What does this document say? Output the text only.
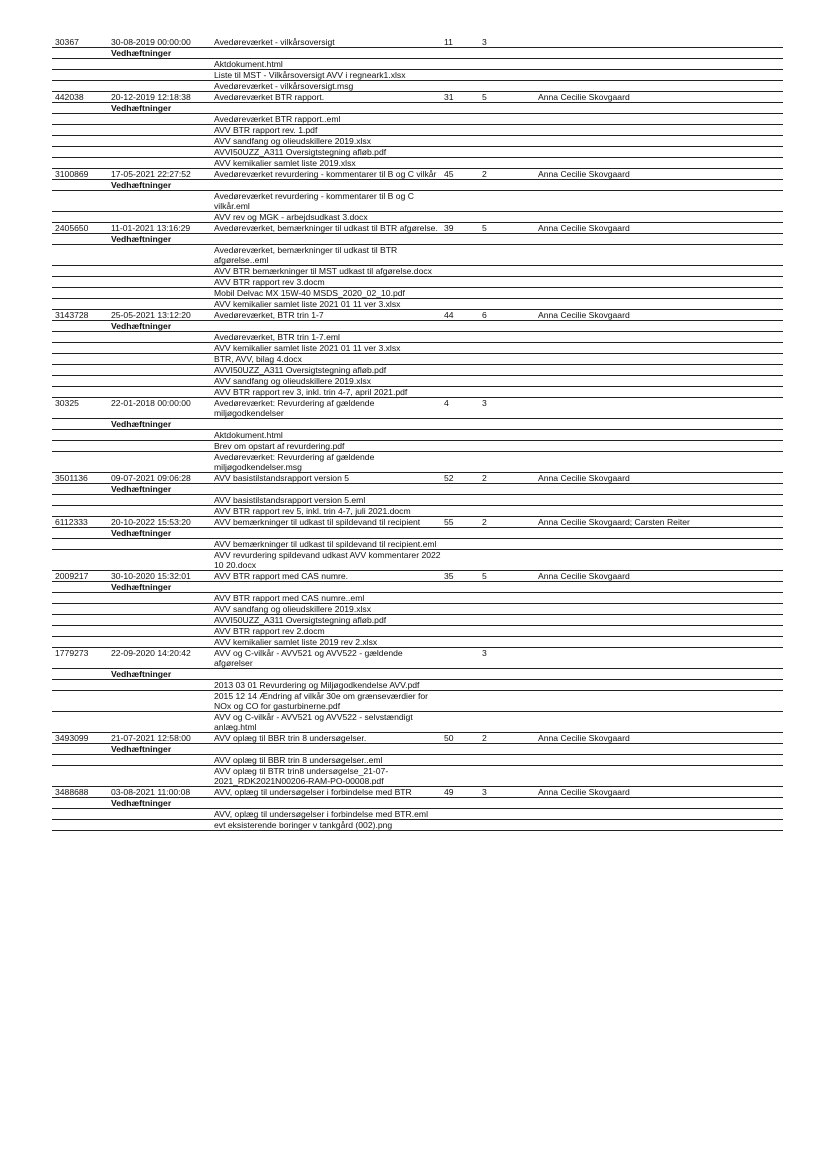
30367	30-08-2019 00:00:00	Avedøreværket - vilkårsoversigt	11	3	
	Vedhæftninger				
		Aktdokument.html			
		Liste til MST - Vilkårsoversigt AVV i regneark1.xlsx			
		Avedøreværket - vilkårsoversigt.msg			
442038	20-12-2019 12:18:38	Avedøreværket BTR rapport.	31	5	Anna Cecilie Skovgaard
	Vedhæftninger				
		Avedøreværket BTR rapport..eml			
		AVV BTR rapport rev. 1.pdf			
		AVV sandfang og olieudskillere 2019.xlsx			
		AVVI50UZZ_A311 Oversigtstegning afløb.pdf			
		AVV kemikalier samlet liste 2019.xlsx			
3100869	17-05-2021 22:27:52	Avedøreværket revurdering - kommentarer til B og C vilkår	45	2	Anna Cecilie Skovgaard
	Vedhæftninger				
		Avedøreværket revurdering - kommentarer til B og C vilkår.eml			
		AVV rev og MGK - arbejdsudkast 3.docx			
2405650	11-01-2021 13:16:29	Avedøreværket, bemærkninger til udkast til BTR afgørelse.	39	5	Anna Cecilie Skovgaard
	Vedhæftninger				
		Avedøreværket, bemærkninger til udkast til BTR afgørelse..eml			
		AVV BTR bemærkninger til MST udkast til afgørelse.docx			
		AVV BTR rapport rev 3.docm			
		Mobil Delvac MX 15W-40 MSDS_2020_02_10.pdf			
		AVV kemikalier samlet liste 2021 01 11 ver 3.xlsx			
3143728	25-05-2021 13:12:20	Avedøreværket, BTR trin 1-7	44	6	Anna Cecilie Skovgaard
	Vedhæftninger				
		Avedøreværket, BTR trin 1-7.eml			
		AVV kemikalier samlet liste 2021 01 11 ver 3.xlsx			
		BTR, AVV, bilag 4.docx			
		AVVI50UZZ_A311 Oversigtstegning afløb.pdf			
		AVV sandfang og olieudskillere 2019.xlsx			
		AVV BTR rapport rev 3, inkl. trin 4-7, april 2021.pdf			
30325	22-01-2018 00:00:00	Avedøreværket: Revurdering af gældende miljøgodkendelser	4	3	
	Vedhæftninger				
		Aktdokument.html			
		Brev om opstart af revurdering.pdf			
		Avedøreværket: Revurdering af gældende miljøgodkendelser.msg			
3501136	09-07-2021 09:06:28	AVV basistilstandsrapport version 5	52	2	Anna Cecilie Skovgaard
	Vedhæftninger				
		AVV basistilstandsrapport version 5.eml			
		AVV BTR rapport rev 5, inkl. trin 4-7, juli 2021.docm			
6112333	20-10-2022 15:53:20	AVV bemærkninger til udkast til spildevand til recipient	55	2	Anna Cecilie Skovgaard; Carsten Reiter
	Vedhæftninger				
		AVV bemærkninger til udkast til spildevand til recipient.eml			
		AVV revurdering spildevand udkast AVV kommentarer 2022 10 20.docx			
2009217	30-10-2020 15:32:01	AVV BTR rapport med CAS numre.	35	5	Anna Cecilie Skovgaard
	Vedhæftninger				
		AVV BTR rapport med CAS numre..eml			
		AVV sandfang og olieudskillere 2019.xlsx			
		AVVI50UZZ_A311 Oversigtstegning afløb.pdf			
		AVV BTR rapport rev 2.docm			
		AVV kemikalier samlet liste 2019 rev 2.xlsx			
1779273	22-09-2020 14:20:42	AVV og C-vilkår - AVV521 og AVV522 - gældende afgørelser		3	
	Vedhæftninger				
		2013 03 01 Revurdering og Miljøgodkendelse AVV.pdf			
		2015 12 14 Ændring af vilkår 30e om grænseværdier for NOx og CO for gasturbinerne.pdf			
		AVV og C-vilkår - AVV521 og AVV522 - selvstændigt anlæg.html			
3493099	21-07-2021 12:58:00	AVV oplæg til BBR trin 8 undersøgelser.	50	2	Anna Cecilie Skovgaard
	Vedhæftninger				
		AVV oplæg til BBR trin 8 undersøgelser..eml			
		AVV oplæg til BTR trin8 undersøgelse_21-07-2021_RDK2021N00206-RAM-PO-00008.pdf			
3488688	03-08-2021 11:00:08	AVV, oplæg til undersøgelser i forbindelse med BTR	49	3	Anna Cecilie Skovgaard
	Vedhæftninger				
		AVV, oplæg til undersøgelser i forbindelse med BTR.eml			
		evt eksisterende boringer v tankgård (002).png			
